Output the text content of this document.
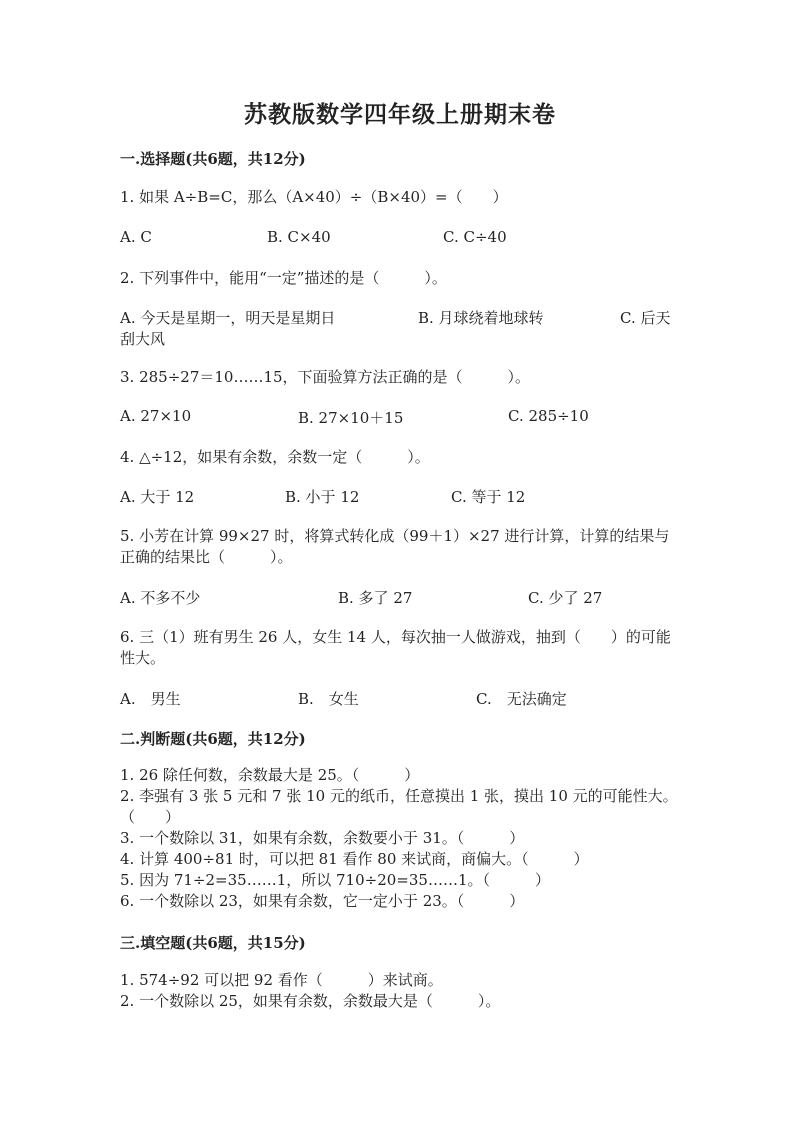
苏教版数学四年级上册期末卷
一.选择题(共6题，共12分)
1. 如果 A÷B=C，那么（A×40）÷（B×40）=（　　）
A. C	B. C×40	C. C÷40
2. 下列事件中，能用“一定”描述的是（　　　）。
A. 今天是星期一，明天是星期日	B. 月球绕着地球转	C. 后天
刮大风
3. 285÷27＝10……15，下面验算方法正确的是（　　　）。
A. 27×10	B. 27×10＋15	C. 285÷10
4. △÷12，如果有余数，余数一定（　　　）。
A. 大于 12	B. 小于 12	C. 等于 12
5. 小芳在计算 99×27 时，将算式转化成（99＋1）×27 进行计算，计算的结果与正确的结果比（　　　）。
A. 不多不少	B. 多了 27	C. 少了 27
6. 三（1）班有男生 26 人，女生 14 人，每次抽一人做游戏，抽到（　　）的可能性大。
A.　男生	B.　女生	C.　无法确定
二.判断题(共6题，共12分)
1. 26 除任何数，余数最大是 25。（　　　）
2. 李强有 3 张 5 元和 7 张 10 元的纸币，任意摸出 1 张，摸出 10 元的可能性大。　　（　　）
3. 一个数除以 31，如果有余数，余数要小于 31。（　　　）
4. 计算 400÷81 时，可以把 81 看作 80 来试商，商偏大。（　　　）
5. 因为 71÷2=35……1，所以 710÷20=35……1。（　　　）
6. 一个数除以 23，如果有余数，它一定小于 23。（　　　）
三.填空题(共6题，共15分)
1. 574÷92 可以把 92 看作（　　　）来试商。
2. 一个数除以 25，如果有余数，余数最大是（　　　）。
